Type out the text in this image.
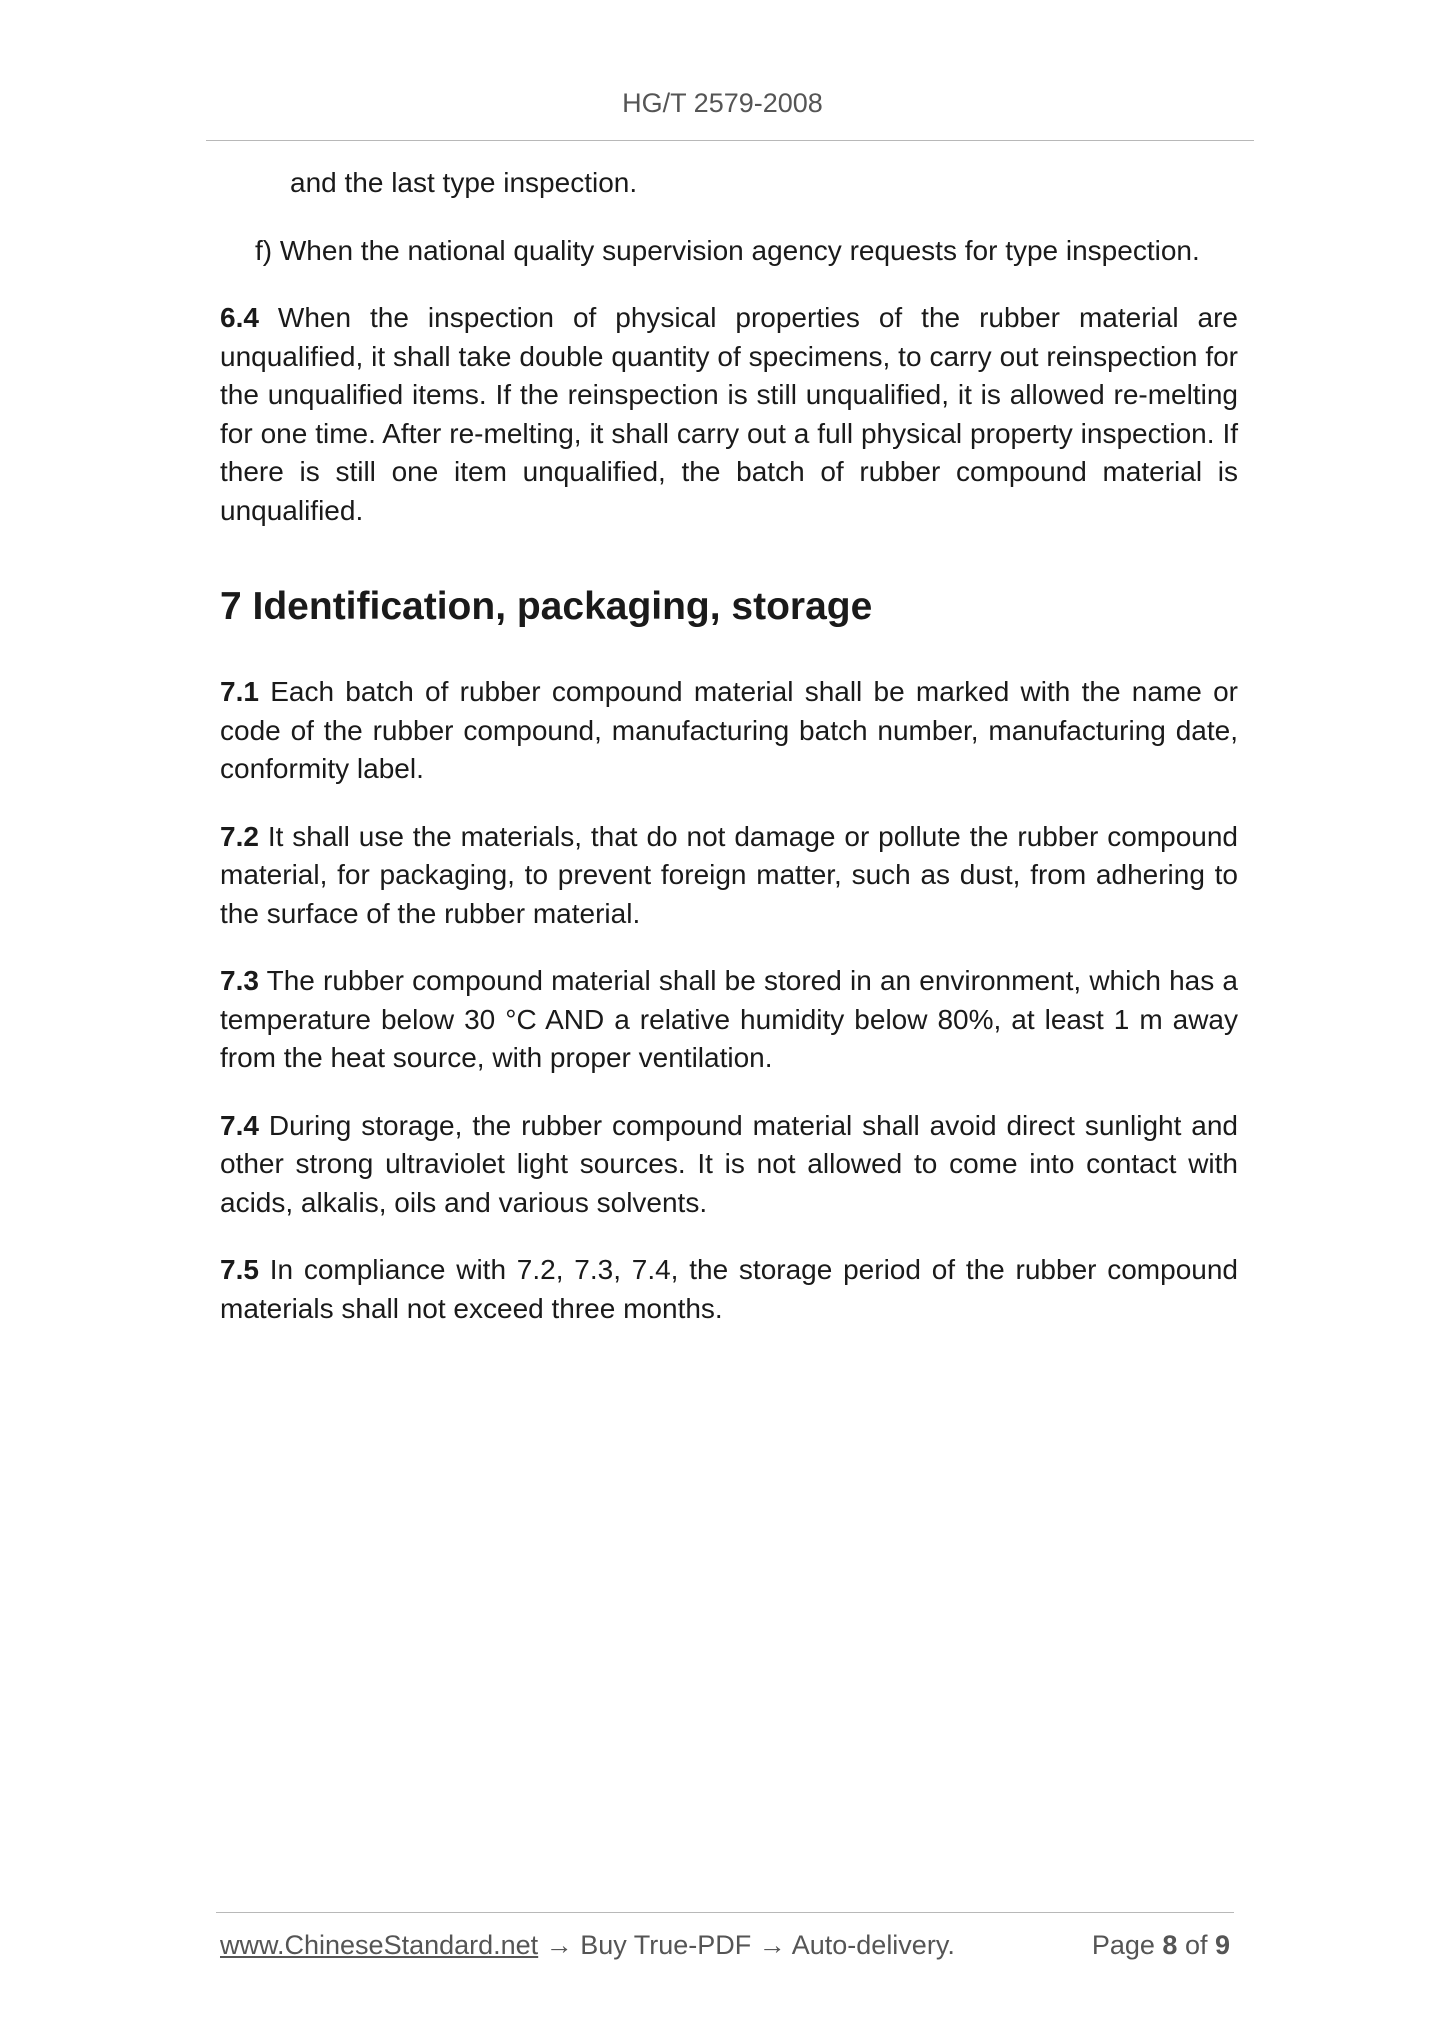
HG/T 2579-2008

and the last type inspection.

f) When the national quality supervision agency requests for type inspection.

6.4 When the inspection of physical properties of the rubber material are unqualified, it shall take double quantity of specimens, to carry out reinspection for the unqualified items. If the reinspection is still unqualified, it is allowed re-melting for one time. After re-melting, it shall carry out a full physical property inspection. If there is still one item unqualified, the batch of rubber compound material is unqualified.

7 Identification, packaging, storage

7.1 Each batch of rubber compound material shall be marked with the name or code of the rubber compound, manufacturing batch number, manufacturing date, conformity label.

7.2 It shall use the materials, that do not damage or pollute the rubber compound material, for packaging, to prevent foreign matter, such as dust, from adhering to the surface of the rubber material.

7.3 The rubber compound material shall be stored in an environment, which has a temperature below 30 °C AND a relative humidity below 80%, at least 1 m away from the heat source, with proper ventilation.

7.4 During storage, the rubber compound material shall avoid direct sunlight and other strong ultraviolet light sources. It is not allowed to come into contact with acids, alkalis, oils and various solvents.

7.5 In compliance with 7.2, 7.3, 7.4, the storage period of the rubber compound materials shall not exceed three months.

www.ChineseStandard.net → Buy True-PDF → Auto-delivery.	Page 8 of 9
